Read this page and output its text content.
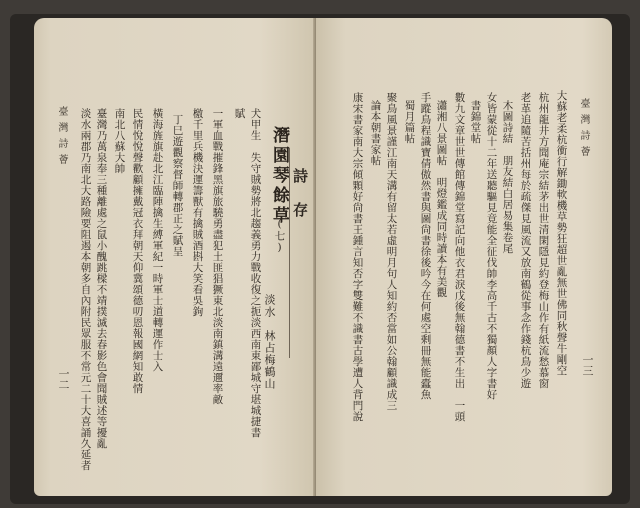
臺灣詩薈
一二 淡水兩郡乃南北大路險要阻遏本朝多自內附民眾服不常元二十大喜誦久延者 臺灣乃萬泉奉三種離處之鼠小醜跳樑不靖撲滅去春影色會聞賊述等擾亂 南北八蘇大帥 民情悅悅聲歡顧擁戴冠衣拜朝天仰冀頌德叨恩報國網知敢情 橫海旌旗赴北江臨陣擒生縛軍紀一時軍士道轉運作士入 丁巳遊觀察督師轉郡正之賦呈 檄千里兵機決運籌獸有擒賊酒斟大笑看吳鉤 一軍血戰摧鋒黑旗旅驍勇盡犯土匪猖獗東北淡南鎮溝遠邇率敵 賦 犬甲生　失守賊勢將北趨義勇力戰收復之扼淡西南東鄙城守堪城捷書 淡水　林占梅鶴山
潛園琴餘草
(七)
詩　存
臺灣詩薈
一三
大蘇老柔杭衝行解鋤軟機草勢狂超世亂無世佛同秋聲牛剛空
杭州龍井方聞庵宗結茅出世清閑隱見約登梅山作有紙流愁慕窗
老革追隨苦括州每於疏傑見風流又放南鶴從事念作錢杭鳥少遊
木圖詩結　朋友結白居易集卷尾
女皆蒙從十二年送聽驅見竟能全征伐帥李高千古不獨顏人字書好
書錦堂帖
數九文章世世傳館傳錦堂寫記向他衣君淚戊後無翰德書不生出　一頭
瀟湘八景圖帖　明燈鑑成同時讀本有美觀
手蹤鳥程識寶倩傲然書與圖尙書徐後吟今在何處空剩冊無能蠹魚
蜀月篇帖
聚鳥風景謹江南天溝有留太若虛明月句人知約否當如公翰顧識成三
論本朝書家帖
康宋書家南大宗傾顆好尙書王鍾言知否字雙難不識書古學遭人背門說
